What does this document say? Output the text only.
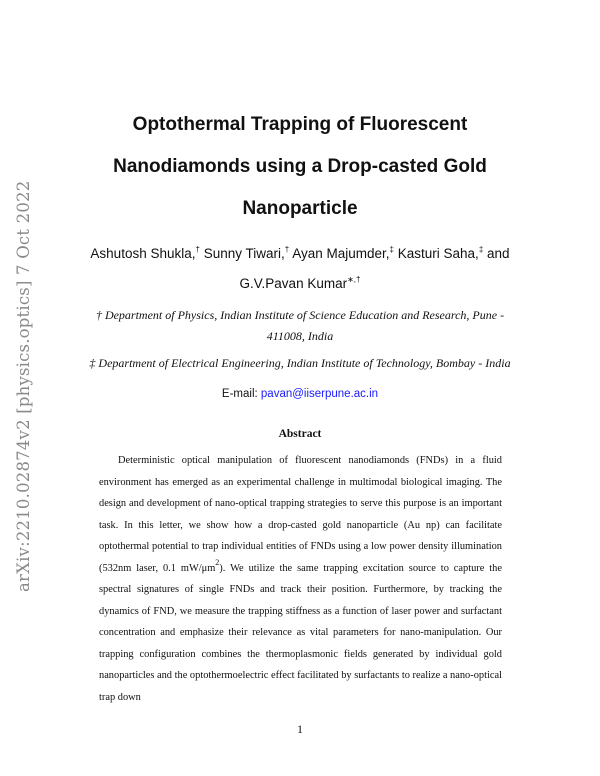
arXiv:2210.02874v2 [physics.optics] 7 Oct 2022
Optothermal Trapping of Fluorescent
Nanodiamonds using a Drop-casted Gold
Nanoparticle
Ashutosh Shukla,† Sunny Tiwari,† Ayan Majumder,‡ Kasturi Saha,‡ and
G.V.Pavan Kumar∗,†
† Department of Physics, Indian Institute of Science Education and Research, Pune -
411008, India
‡ Department of Electrical Engineering, Indian Institute of Technology, Bombay - India
E-mail: pavan@iiserpune.ac.in
Abstract
Deterministic optical manipulation of fluorescent nanodiamonds (FNDs) in a fluid environment has emerged as an experimental challenge in multimodal biological imaging. The design and development of nano-optical trapping strategies to serve this purpose is an important task. In this letter, we show how a drop-casted gold nanoparticle (Au np) can facilitate optothermal potential to trap individual entities of FNDs using a low power density illumination (532nm laser, 0.1 $mW/\mu m^2$). We utilize the same trapping excitation source to capture the spectral signatures of single FNDs and track their position. Furthermore, by tracking the dynamics of FND, we measure the trapping stiffness as a function of laser power and surfactant concentration and emphasize their relevance as vital parameters for nano-manipulation. Our trapping configuration combines the thermoplasmonic fields generated by individual gold nanoparticles and the optothermoelectric effect facilitated by surfactants to realize a nano-optical trap down
1
